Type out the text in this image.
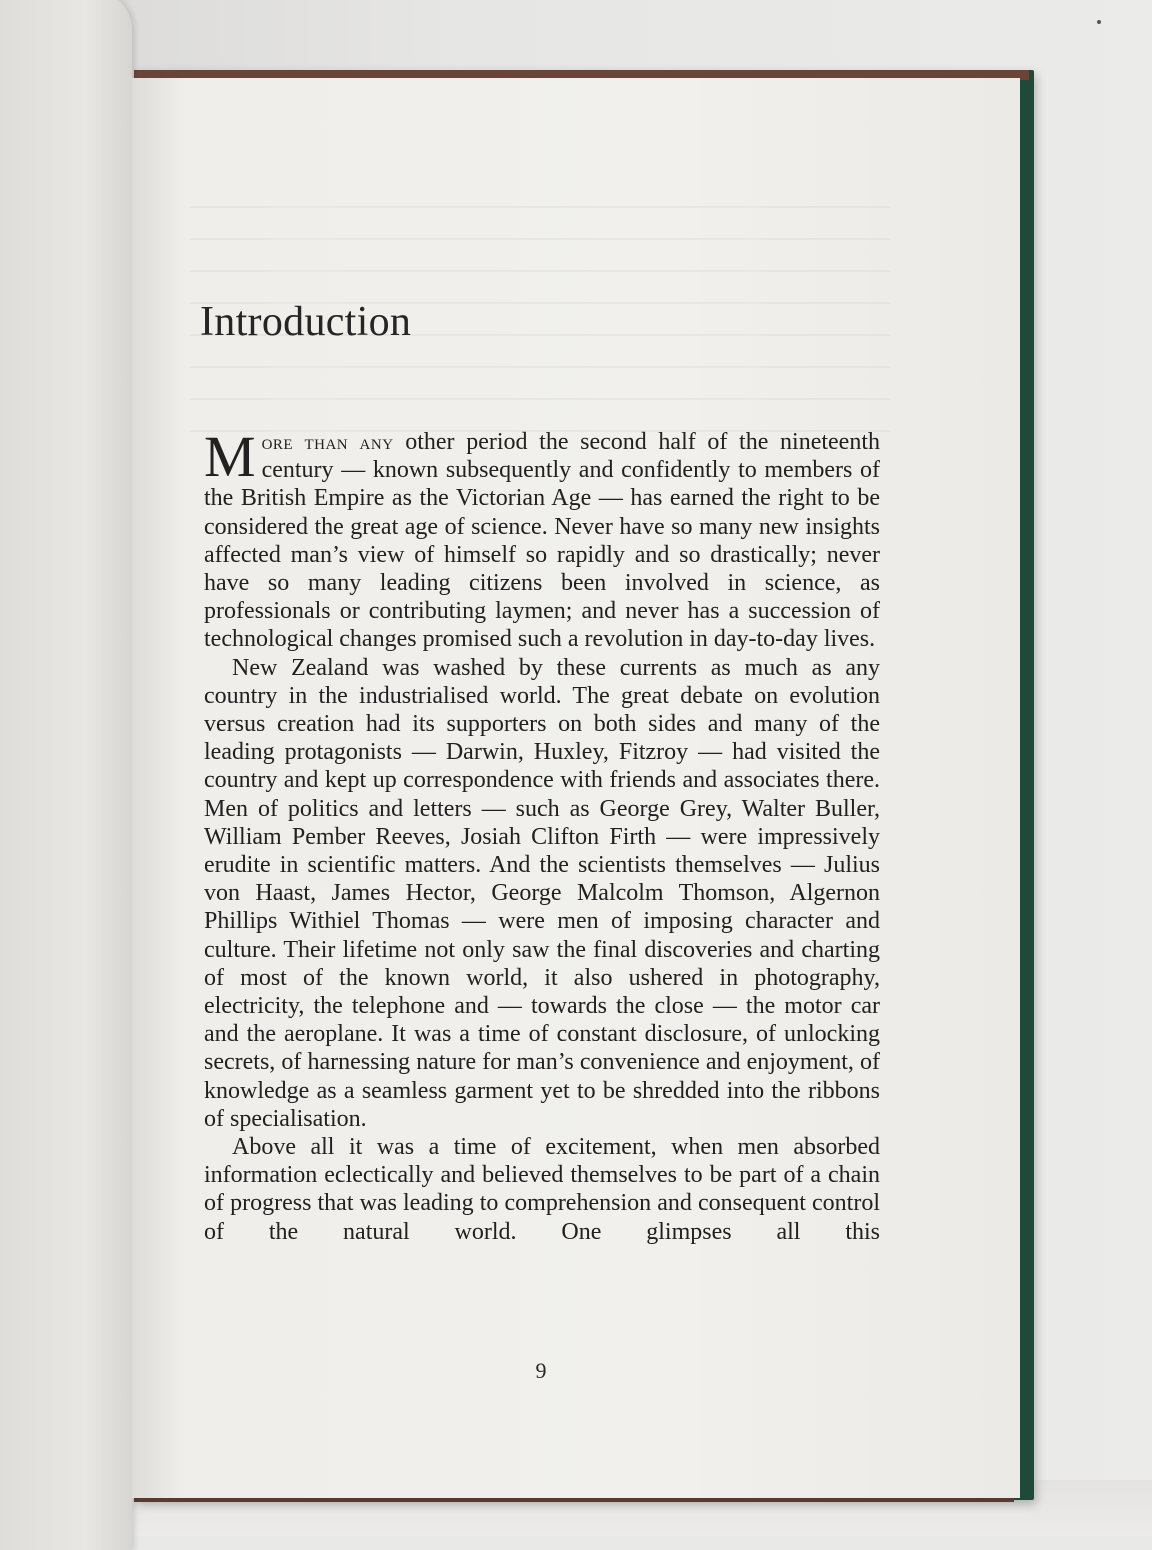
Introduction

More than any other period the second half of the nineteenth century — known subsequently and confidently to members of the British Empire as the Victorian Age — has earned the right to be considered the great age of science. Never have so many new insights affected man’s view of himself so rapidly and so drastically; never have so many leading citizens been involved in science, as professionals or contributing laymen; and never has a succession of technological changes promised such a revolution in day-to-day lives.

New Zealand was washed by these currents as much as any country in the industrialised world. The great debate on evolution versus creation had its supporters on both sides and many of the leading protagonists — Darwin, Huxley, Fitzroy — had visited the country and kept up correspondence with friends and associates there. Men of politics and letters — such as George Grey, Walter Buller, William Pember Reeves, Josiah Clifton Firth — were impressively erudite in scientific matters. And the scientists themselves — Julius von Haast, James Hector, George Malcolm Thomson, Algernon Phillips Withiel Thomas — were men of imposing character and culture. Their lifetime not only saw the final discoveries and charting of most of the known world, it also ushered in photography, electricity, the telephone and — towards the close — the motor car and the aeroplane. It was a time of constant disclosure, of unlocking secrets, of harnessing nature for man’s convenience and enjoyment, of knowledge as a seamless garment yet to be shredded into the ribbons of specialisation.

Above all it was a time of excitement, when men absorbed information eclectically and believed themselves to be part of a chain of progress that was leading to comprehension and consequent control of the natural world. One glimpses all this

9
